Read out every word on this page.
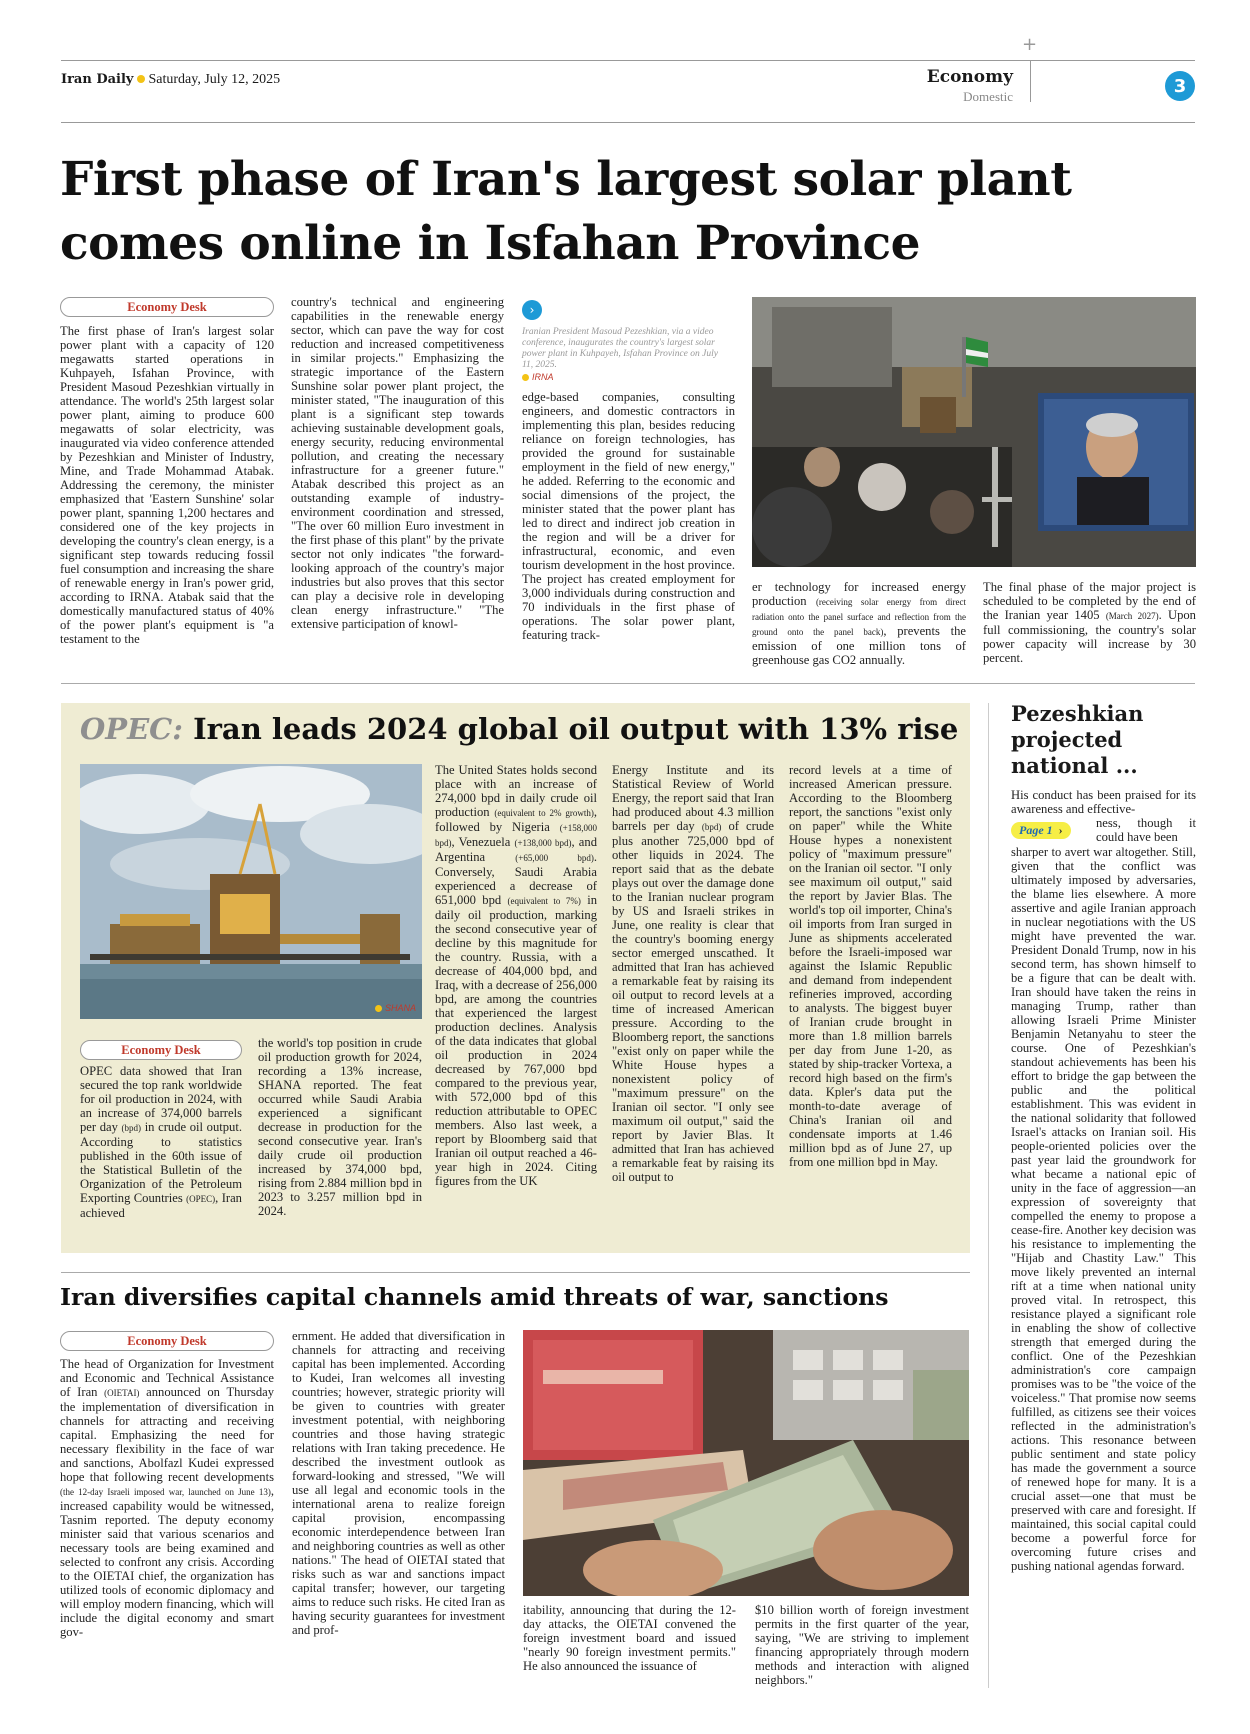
+
Iran Daily Saturday, July 12, 2025	Economy
Domestic	3
First phase of Iran's largest solar plant
comes online in Isfahan Province
Economy Desk

The first phase of Iran's largest solar power plant with a capacity of 120 megawatts started operations in Kuhpayeh, Isfahan Province, with President Masoud Pezeshkian virtually in attendance. The world's 25th largest solar power plant, aiming to produce 600 megawatts of solar electricity, was inaugurated via video conference attended by Pezeshkian and Minister of Industry, Mine, and Trade Mohammad Atabak. Addressing the ceremony, the minister emphasized that 'Eastern Sunshine' solar power plant, spanning 1,200 hectares and considered one of the key projects in developing the country's clean energy, is a significant step towards reducing fossil fuel consumption and increasing the share of renewable energy in Iran's power grid, according to IRNA. Atabak said that the domestically manufactured status of 40% of the power plant's equipment is "a testament to the

country's technical and engineering capabilities in the renewable energy sector, which can pave the way for cost reduction and increased competitiveness in similar projects." Emphasizing the strategic importance of the Eastern Sunshine solar power plant project, the minister stated, "The inauguration of this plant is a significant step towards achieving sustainable development goals, energy security, reducing environmental pollution, and creating the necessary infrastructure for a greener future." Atabak described this project as an outstanding example of industry-environment coordination and stressed, "The over 60 million Euro investment in the first phase of this plant" by the private sector not only indicates "the forward-looking approach of the country's major industries but also proves that this sector can play a decisive role in developing clean energy infrastructure." "The extensive participation of knowl-

›
Iranian President Masoud Pezeshkian, via a video conference, inaugurates the country's largest solar power plant in Kuhpayeh, Isfahan Province on July 11, 2025.
IRNA

edge-based companies, consulting engineers, and domestic contractors in implementing this plan, besides reducing reliance on foreign technologies, has provided the ground for sustainable employment in the field of new energy," he added. Referring to the economic and social dimensions of the project, the minister stated that the power plant has led to direct and indirect job creation in the region and will be a driver for infrastructural, economic, and even tourism development in the host province. The project has created employment for 3,000 individuals during construction and 70 individuals in the first phase of operations. The solar power plant, featuring track-

er technology for increased energy production (receiving solar energy from direct radiation onto the panel surface and reflection from the ground onto the panel back), prevents the emission of one million tons of greenhouse gas CO2 annually.

The final phase of the major project is scheduled to be completed by the end of the Iranian year 1405 (March 2027). Upon full commissioning, the country's solar power capacity will increase by 30 percent.

OPEC: Iran leads 2024 global oil output with 13% rise
SHANA
Economy Desk

OPEC data showed that Iran secured the top rank worldwide for oil production in 2024, with an increase of 374,000 barrels per day (bpd) in crude oil output. According to statistics published in the 60th issue of the Statistical Bulletin of the Organization of the Petroleum Exporting Countries (OPEC), Iran achieved

the world's top position in crude oil production growth for 2024, recording a 13% increase, SHANA reported. The feat occurred while Saudi Arabia experienced a significant decrease in production for the second consecutive year. Iran's daily crude oil production increased by 374,000 bpd, rising from 2.884 million bpd in 2023 to 3.257 million bpd in 2024.

The United States holds second place with an increase of 274,000 bpd in daily crude oil production (equivalent to 2% growth), followed by Nigeria (+158,000 bpd), Venezuela (+138,000 bpd), and Argentina	(+65,000 bpd). Conversely, Saudi Arabia experienced a decrease of 651,000 bpd (equivalent to 7%) in daily oil production, marking the second consecutive year of decline by this magnitude for the country. Russia, with a decrease of 404,000 bpd, and Iraq, with a decrease of 256,000 bpd, are among the countries that experienced the largest production declines. Analysis of the data indicates that global oil production in 2024 decreased by 767,000 bpd compared to the previous year, with 572,000 bpd of this reduction attributable to OPEC members. Also last week, a report by Bloomberg said that Iranian oil output reached a 46-year high in 2024. Citing figures from the UK

Energy Institute and its Statistical Review of World Energy, the report said that Iran had produced about 4.3 million barrels per day (bpd) of crude plus another 725,000 bpd of other liquids in 2024. The report said that as the debate plays out over the damage done to the Iranian nuclear program by US and Israeli strikes in June, one reality is clear that the country's booming energy sector emerged unscathed. It admitted that Iran has achieved a remarkable feat by raising its oil output to record levels at a time of increased American pressure. According to the Bloomberg report, the sanctions "exist only on paper while the White House hypes a nonexistent policy of "maximum pressure" on the Iranian oil sector. "I only see maximum oil output," said the report by Javier Blas. It admitted that Iran has achieved a remarkable feat by raising its oil output to

record levels at a time of increased American pressure. According to the Bloomberg report, the sanctions "exist only on paper" while the White House hypes a nonexistent policy of "maximum pressure" on the Iranian oil sector. "I only see maximum oil output," said the report by Javier Blas. The world's top oil importer, China's oil imports from Iran surged in June as shipments accelerated before the Israeli-imposed war against the Islamic Republic and demand from independent refineries improved, according to analysts. The biggest buyer of Iranian crude brought in more than 1.8 million barrels per day from June 1-20, as stated by ship-tracker Vortexa, a record high based on the firm's data. Kpler's data put the month-to-date average of China's Iranian oil and condensate imports at 1.46 million bpd as of June 27, up from one million bpd in May.

Pezeshkian
projected
national ...

His conduct has been praised for its awareness and effective-

Page 1 ›	ness, though it could have been

sharper to avert war altogether. Still, given that the conflict was ultimately imposed by adversaries, the blame lies elsewhere. A more assertive and agile Iranian approach in nuclear negotiations with the US might have prevented the war. President Donald Trump, now in his second term, has shown himself to be a figure that can be dealt with. Iran should have taken the reins in managing Trump, rather than allowing Israeli Prime Minister Benjamin Netanyahu to steer the course. One of Pezeshkian's standout achievements has been his effort to bridge the gap between the public and the political establishment. This was evident in the national solidarity that followed Israel's attacks on Iranian soil. His people-oriented policies over the past year laid the groundwork for what became a national epic of unity in the face of aggression—an expression of sovereignty that compelled the enemy to propose a cease-fire. Another key decision was his resistance to implementing the "Hijab and Chastity Law." This move likely prevented an internal rift at a time when national unity proved vital. In retrospect, this resistance played a significant role in enabling the show of collective strength that emerged during the conflict. One of the Pezeshkian administration's core campaign promises was to be "the voice of the voiceless." That promise now seems fulfilled, as citizens see their voices reflected in the administration's actions. This resonance between public sentiment and state policy has made the government a source of renewed hope for many. It is a crucial asset—one that must be preserved with care and foresight. If maintained, this social capital could become a powerful force for overcoming future crises and pushing national agendas forward.

Iran diversifies capital channels amid threats of war, sanctions
Economy Desk

The head of Organization for Investment and Economic and Technical Assistance of Iran (OIETAI) announced on Thursday the implementation of diversification in channels for attracting and receiving capital. Emphasizing the need for necessary flexibility in the face of war and sanctions, Abolfazl Kudei expressed hope that following recent developments (the 12-day Israeli imposed war, launched on June 13), increased capability would be witnessed, Tasnim reported. The deputy economy minister said that various scenarios and necessary tools are being examined and selected to confront any crisis. According to the OIETAI chief, the organization has utilized tools of economic diplomacy and will employ modern financing, which will include the digital economy and smart gov-

ernment. He added that diversification in channels for attracting and receiving capital has been implemented. According to Kudei, Iran welcomes all investing countries; however, strategic priority will be given to countries with greater investment potential, with neighboring countries and those having strategic relations with Iran taking precedence. He described the investment outlook as forward-looking and stressed, "We will use all legal and economic tools in the international arena to realize foreign capital provision, encompassing economic interdependence between Iran and neighboring countries as well as other nations." The head of OIETAI stated that risks such as war and sanctions impact capital transfer; however, our targeting aims to reduce such risks. He cited Iran as having security guarantees for investment and prof-

itability, announcing that during the 12-day attacks, the OIETAI convened the foreign investment board and issued "nearly 90 foreign investment permits." He also announced the issuance of

$10 billion worth of foreign investment permits in the first quarter of the year, saying, "We are striving to implement financing appropriately through modern methods and interaction with aligned neighbors."
